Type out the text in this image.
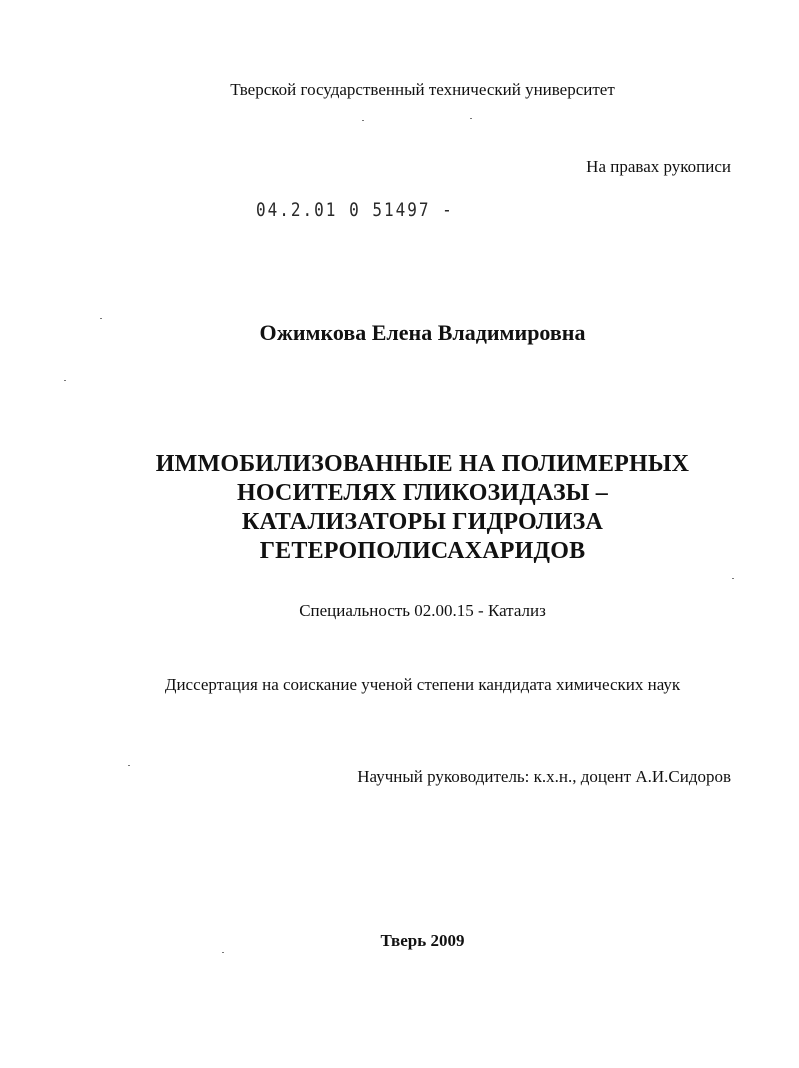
Тверской государственный технический университет
На правах рукописи
04.2.01 0 51497 -
Ожимкова Елена Владимировна
ИММОБИЛИЗОВАННЫЕ НА ПОЛИМЕРНЫХ
НОСИТЕЛЯХ ГЛИКОЗИДАЗЫ –
КАТАЛИЗАТОРЫ ГИДРОЛИЗА
ГЕТЕРОПОЛИСАХАРИДОВ
Специальность 02.00.15 - Катализ
Диссертация на соискание ученой степени кандидата химических наук
Научный руководитель: к.х.н., доцент А.И.Сидоров
Тверь 2009
